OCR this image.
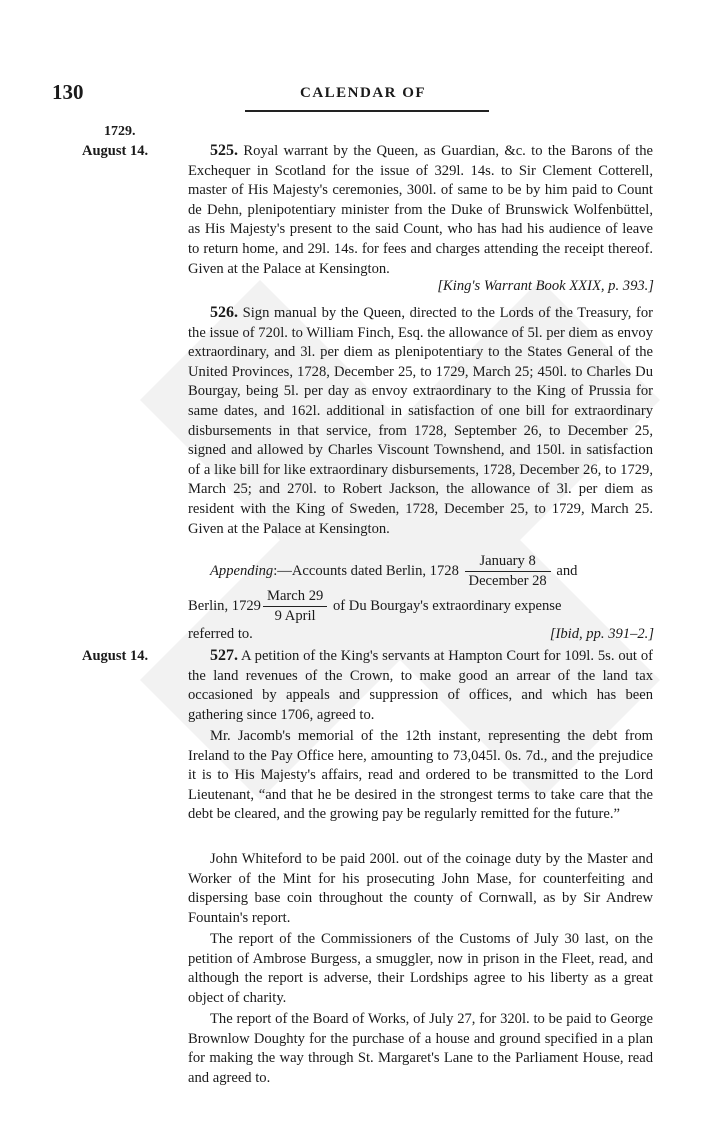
130	CALENDAR OF
1729.
August 14.	525. Royal warrant by the Queen, as Guardian, &c. to the Barons of the Exchequer in Scotland for the issue of 329l. 14s. to Sir Clement Cotterell, master of His Majesty's ceremonies, 300l. of same to be by him paid to Count de Dehn, plenipotentiary minister from the Duke of Brunswick Wolfenbüttel, as His Majesty's present to the said Count, who has had his audience of leave to return home, and 29l. 14s. for fees and charges attending the receipt thereof. Given at the Palace at Kensington.
[King's Warrant Book XXIX, p. 393.]
526. Sign manual by the Queen, directed to the Lords of the Treasury, for the issue of 720l. to William Finch, Esq. the allowance of 5l. per diem as envoy extraordinary, and 3l. per diem as plenipotentiary to the States General of the United Provinces, 1728, December 25, to 1729, March 25; 450l. to Charles Du Bourgay, being 5l. per day as envoy extraordinary to the King of Prussia for same dates, and 162l. additional in satisfaction of one bill for extraordinary disbursements in that service, from 1728, September 26, to December 25, signed and allowed by Charles Viscount Townshend, and 150l. in satisfaction of a like bill for like extraordinary disbursements, 1728, December 26, to 1729, March 25; and 270l. to Robert Jackson, the allowance of 3l. per diem as resident with the King of Sweden, 1728, December 25, to 1729, March 25. Given at the Palace at Kensington.
Appending:—Accounts dated Berlin, $1728 \frac{\text{January 8}}{\text{December 28}}$ and
Berlin, $1729 \frac{\text{March 29}}{\text{9 April}}$ of Du Bourgay's extraordinary expense
referred to.	[Ibid, pp. 391–2.]
August 14.	527. A petition of the King's servants at Hampton Court for 109l. 5s. out of the land revenues of the Crown, to make good an arrear of the land tax occasioned by appeals and suppression of offices, and which has been gathering since 1706, agreed to.
Mr. Jacomb's memorial of the 12th instant, representing the debt from Ireland to the Pay Office here, amounting to 73,045l. 0s. 7d., and the prejudice it is to His Majesty's affairs, read and ordered to be transmitted to the Lord Lieutenant, “and that he be desired in the strongest terms to take care that the debt be cleared, and the growing pay be regularly remitted for the future.”
John Whiteford to be paid 200l. out of the coinage duty by the Master and Worker of the Mint for his prosecuting John Mase, for counterfeiting and dispersing base coin throughout the county of Cornwall, as by Sir Andrew Fountain's report.
The report of the Commissioners of the Customs of July 30 last, on the petition of Ambrose Burgess, a smuggler, now in prison in the Fleet, read, and although the report is adverse, their Lordships agree to his liberty as a great object of charity.
The report of the Board of Works, of July 27, for 320l. to be paid to George Brownlow Doughty for the purchase of a house and ground specified in a plan for making the way through St. Margaret's Lane to the Parliament House, read and agreed to.
